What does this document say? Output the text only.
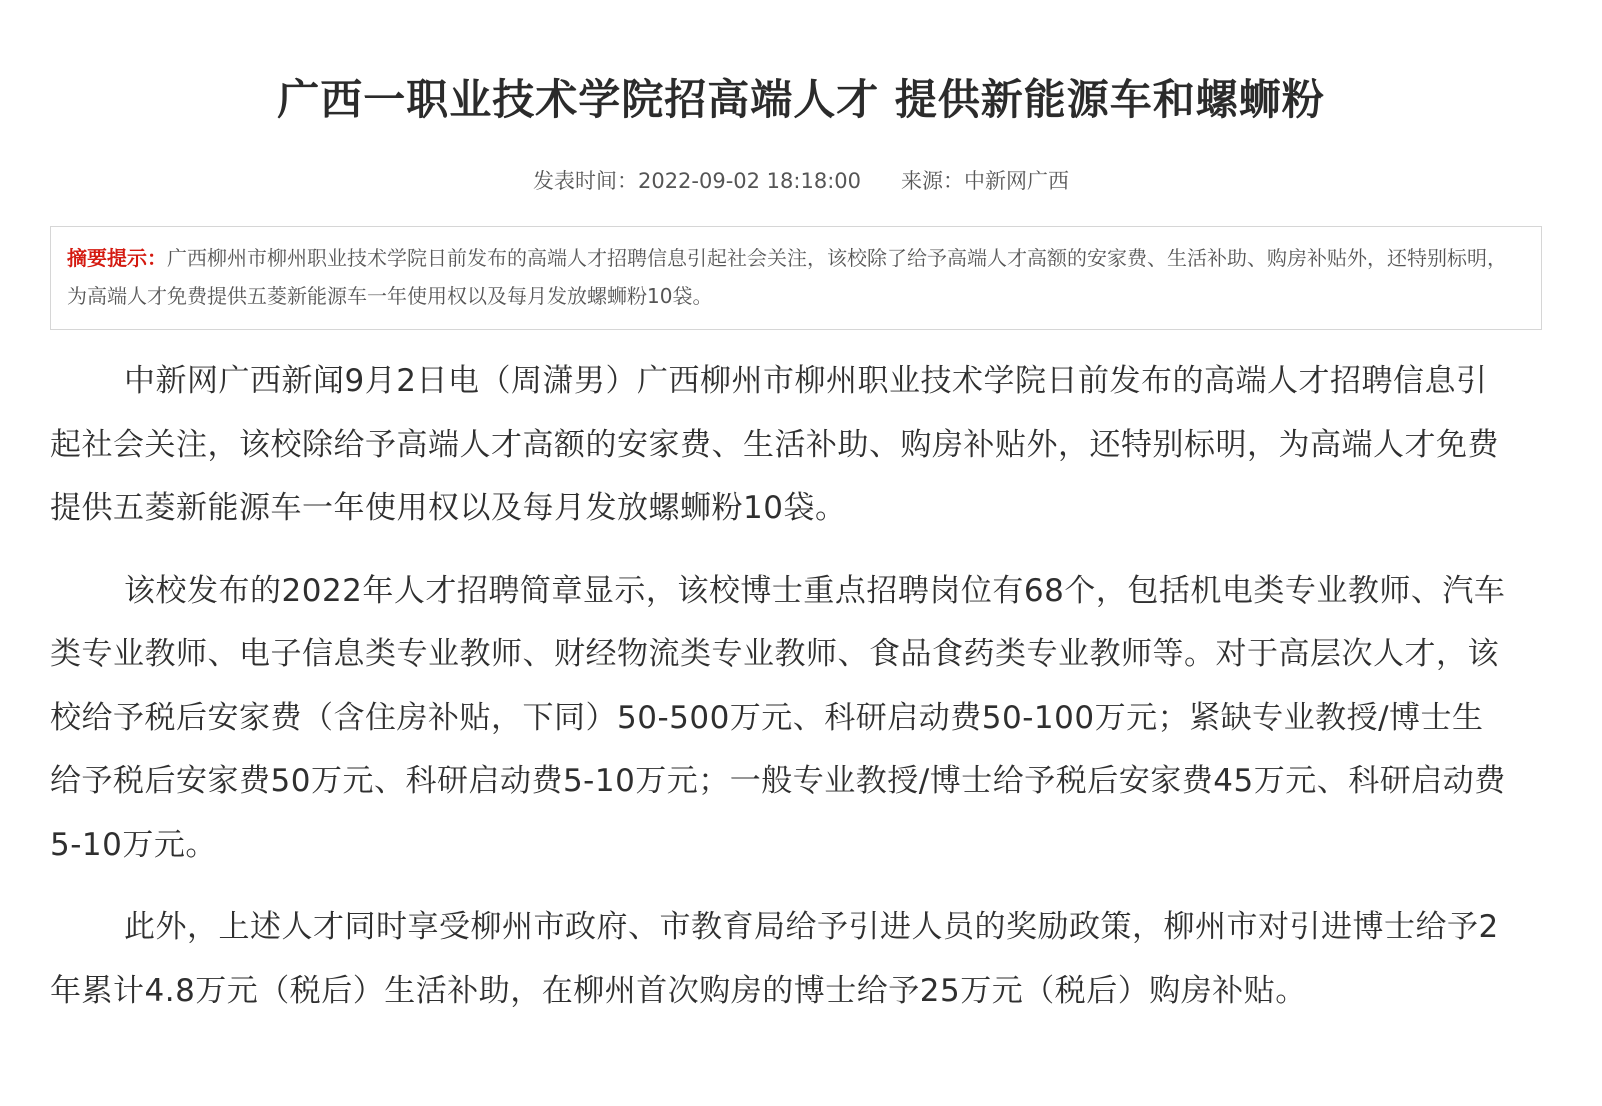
广西一职业技术学院招高端人才 提供新能源车和螺蛳粉
发表时间：2022-09-02 18:18:00 来源：中新网广西
摘要提示：广西柳州市柳州职业技术学院日前发布的高端人才招聘信息引起社会关注，该校除了给予高端人才高额的安家费、生活补助、购房补贴外，还特别标明，为高端人才免费提供五菱新能源车一年使用权以及每月发放螺蛳粉10袋。

中新网广西新闻9月2日电（周潇男）广西柳州市柳州职业技术学院日前发布的高端人才招聘信息引起社会关注，该校除给予高端人才高额的安家费、生活补助、购房补贴外，还特别标明，为高端人才免费提供五菱新能源车一年使用权以及每月发放螺蛳粉10袋。

该校发布的2022年人才招聘简章显示，该校博士重点招聘岗位有68个，包括机电类专业教师、汽车类专业教师、电子信息类专业教师、财经物流类专业教师、食品食药类专业教师等。对于高层次人才，该校给予税后安家费（含住房补贴，下同）50-500万元、科研启动费50-100万元；紧缺专业教授/博士生给予税后安家费50万元、科研启动费5-10万元；一般专业教授/博士给予税后安家费45万元、科研启动费5-10万元。

此外，上述人才同时享受柳州市政府、市教育局给予引进人员的奖励政策，柳州市对引进博士给予2年累计4.8万元（税后）生活补助，在柳州首次购房的博士给予25万元（税后）购房补贴。
